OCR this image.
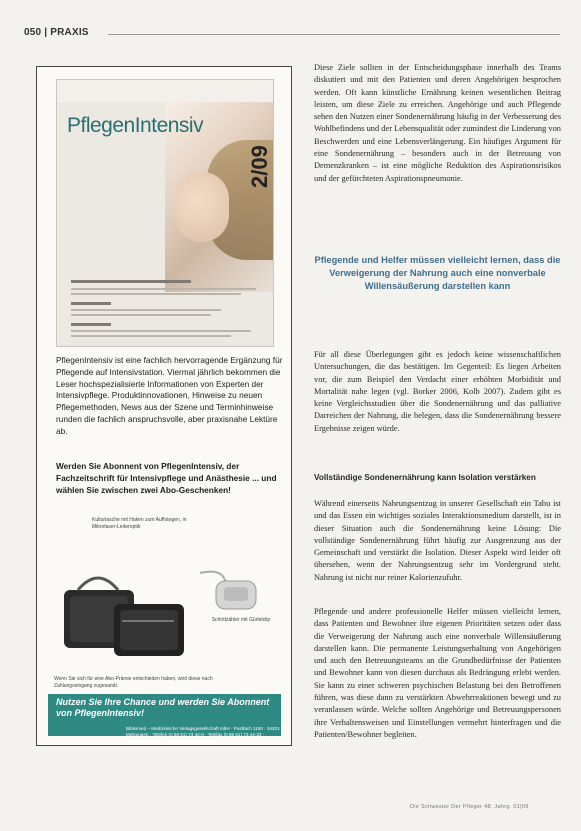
050 | PRAXIS
PflegenIntensiv
2/09
PflegenIntensiv ist eine fachlich hervorragende Ergänzung für Pflegende auf Intensivstation. Viermal jährlich bekommen die Leser hochspezialisierte Informationen von Experten der Intensivpflege. Produktinnovationen, Hinweise zu neuen Pflegemethoden, News aus der Szene und Terminhinweise runden die fachlich anspruchsvolle, aber praxisnahe Lektüre ab.
Werden Sie Abonnent von PflegenIntensiv, der Fachzeitschrift für Intensivpflege und Anästhesie ... und wählen Sie zwischen zwei Abo-Geschenken!
Kulturtasche mit Haken zum Aufhängen, in Mikrofaser-Lederoptik
Schrittzähler mit Gürtelclip
Wenn Sie sich für eine Abo-Prämie entschieden haben, wird diese nach Zahlungseingang zugesandt.
Nutzen Sie Ihre Chance und werden Sie Abonnent von PflegenIntensiv!
Bibliomed – Medizinische Verlagsgesellschaft mbH · Postfach 1150 · 34201 Melsungen · Telefon (0 56 61) 73 44-0 · Telefax (0 56 61) 73 44-33 · www.bibliomed.de · info@pflegenintensiv.de
Diese Ziele sollten in der Entscheidungsphase innerhalb des Teams diskutiert und mit den Patienten und deren Angehörigen besprochen werden. Oft kann künstliche Ernährung keinen wesentlichen Beitrag leisten, um diese Ziele zu erreichen. Angehörige und auch Pflegende sehen den Nutzen einer Sondenernährung häufig in der Verbesserung des Wohlbefindens und der Lebensqualität oder zumindest die Linderung von Beschwerden und eine Lebensverlängerung. Ein häufiges Argument für eine Sondenernährung – besonders auch in der Betreuung von Demenzkranken – ist eine mögliche Reduktion des Aspirationsrisikos und der gefürchteten Aspirationspneumonie.
Pflegende und Helfer müssen vielleicht lernen, dass die Verweigerung der Nahrung auch eine nonverbale Willensäußerung darstellen kann
Für all diese Überlegungen gibt es jedoch keine wissenschaftlichen Untersuchungen, die das bestätigen. Im Gegenteil: Es liegen Arbeiten vor, die zum Beispiel den Verdacht einer erhöhten Morbidität und Mortalität nahe legen (vgl. Borker 2006, Kolb 2007). Zudem gibt es keine Vergleichsstudien über die Sondenernährung und das palliative Darreichen der Nahrung, die belegen, dass die Sondenernährung bessere Ergebnisse zeigen würde.
Vollständige Sondenernährung kann Isolation verstärken
Während einerseits Nahrungsentzug in unserer Gesellschaft ein Tabu ist und das Essen ein wichtiges soziales Interaktionsmedium darstellt, ist in dieser Situation auch die Sondenernährung keine Lösung: Die vollständige Sondenernährung führt häufig zur Ausgrenzung aus der Gemeinschaft und verstärkt die Isolation. Dieser Aspekt wird leider oft übersehen, wenn der Nahrungsentzug sehr im Vordergrund steht. Nahrung ist nicht nur reiner Kalorienzufuhr.
Pflegende und andere professionelle Helfer müssen vielleicht lernen, dass Patienten und Bewohner ihre eigenen Prioritäten setzen oder dass die Verweigerung der Nahrung auch eine nonverbale Willensäußerung darstellen kann. Die permanente Leistungserhaltung von Angehörigen und auch den Betreuungsteams an die Grundbedürfnisse der Patienten und Bewohner kann von diesen durchaus als Bedrängung erlebt werden. Sie kann zu einer schweren psychischen Belastung bei den Betroffenen führen, was diese dann zu verstärkten Abwehrreaktionen bewegt und zu veranlassen würde. Welche sollten Angehörige und Betreuungspersonen ihre Verhaltensweisen und Einstellungen vermehrt hinterfragen und die Patienten/Bewohner begleiten.
Die Schwester Der Pfleger 48. Jahrg. 01|09
